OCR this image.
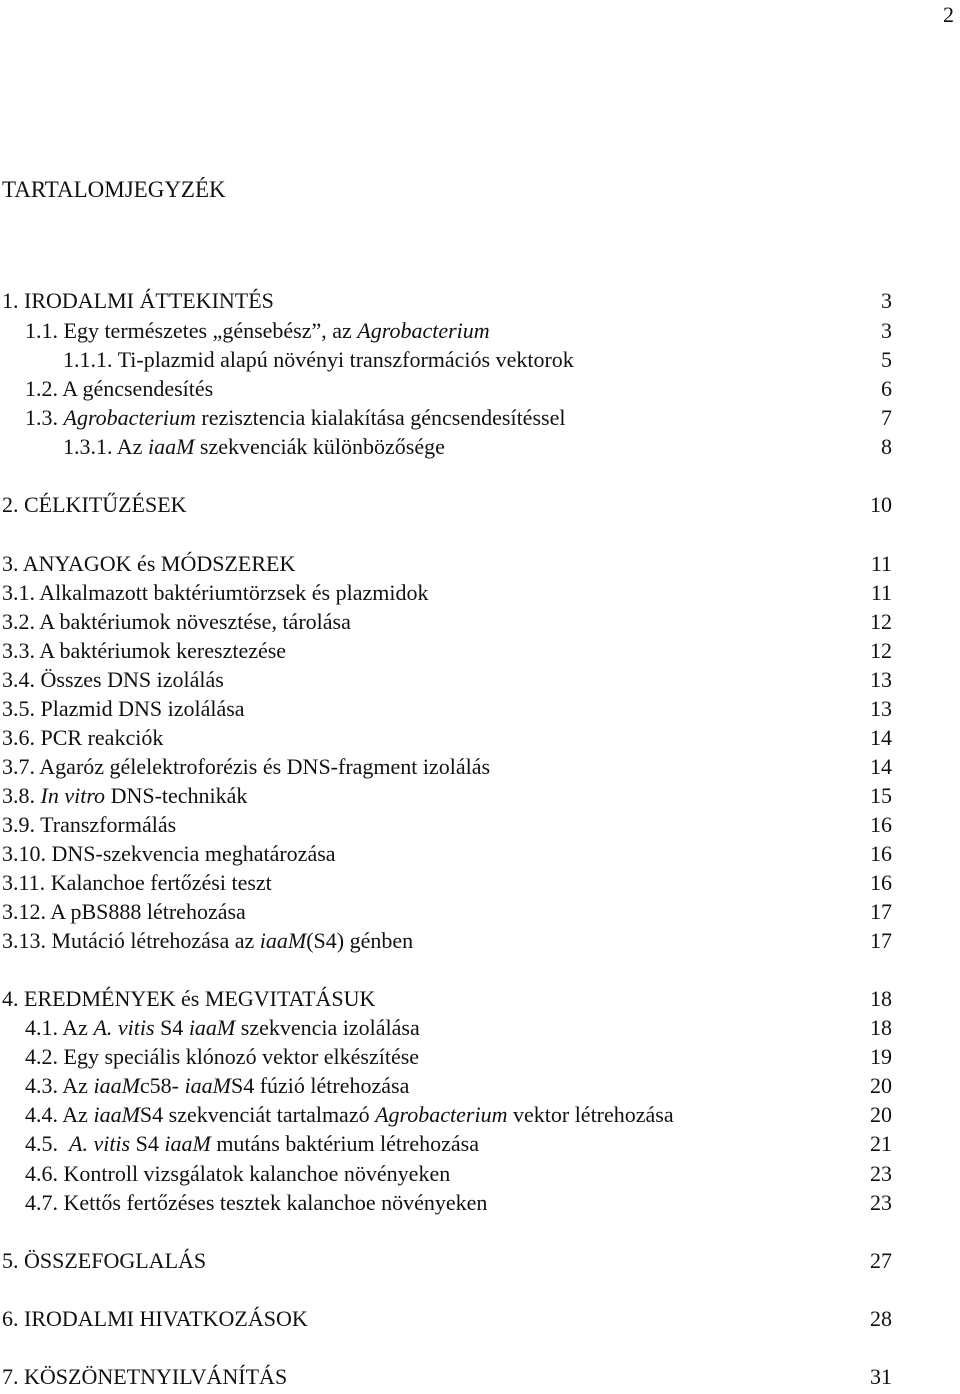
2
TARTALOMJEGYZÉK
1. IRODALMI ÁTTEKINTÉS	3
1.1. Egy természetes „génsebész”, az Agrobacterium	3
1.1.1. Ti-plazmid alapú növényi transzformációs vektorok	5
1.2. A géncsendesítés	6
1.3. Agrobacterium rezisztencia kialakítása géncsendesítéssel	7
1.3.1. Az iaaM szekvenciák különbözősége	8
2. CÉLKITŰZÉSEK	10
3. ANYAGOK és MÓDSZEREK	11
3.1. Alkalmazott baktériumtörzsek és plazmidok	11
3.2. A baktériumok növesztése, tárolása	12
3.3. A baktériumok keresztezése	12
3.4. Összes DNS izolálás	13
3.5. Plazmid DNS izolálása	13
3.6. PCR reakciók	14
3.7. Agaróz gélelektroforézis és DNS-fragment izolálás	14
3.8. In vitro DNS-technikák	15
3.9. Transzformálás	16
3.10. DNS-szekvencia meghatározása	16
3.11. Kalanchoe fertőzési teszt	16
3.12. A pBS888 létrehozása	17
3.13. Mutáció létrehozása az iaaM(S4) génben	17
4. EREDMÉNYEK és MEGVITATÁSUK	18
4.1. Az A. vitis S4 iaaM szekvencia izolálása	18
4.2. Egy speciális klónozó vektor elkészítése	19
4.3. Az iaaMc58- iaaMS4 fúzió létrehozása	20
4.4. Az iaaMS4 szekvenciát tartalmazó Agrobacterium vektor létrehozása	20
4.5. A. vitis S4 iaaM mutáns baktérium létrehozása	21
4.6. Kontroll vizsgálatok kalanchoe növényeken	23
4.7. Kettős fertőzéses tesztek kalanchoe növényeken	23
5. ÖSSZEFOGLALÁS	27
6. IRODALMI HIVATKOZÁSOK	28
7. KÖSZÖNETNYILVÁNÍTÁS	31
